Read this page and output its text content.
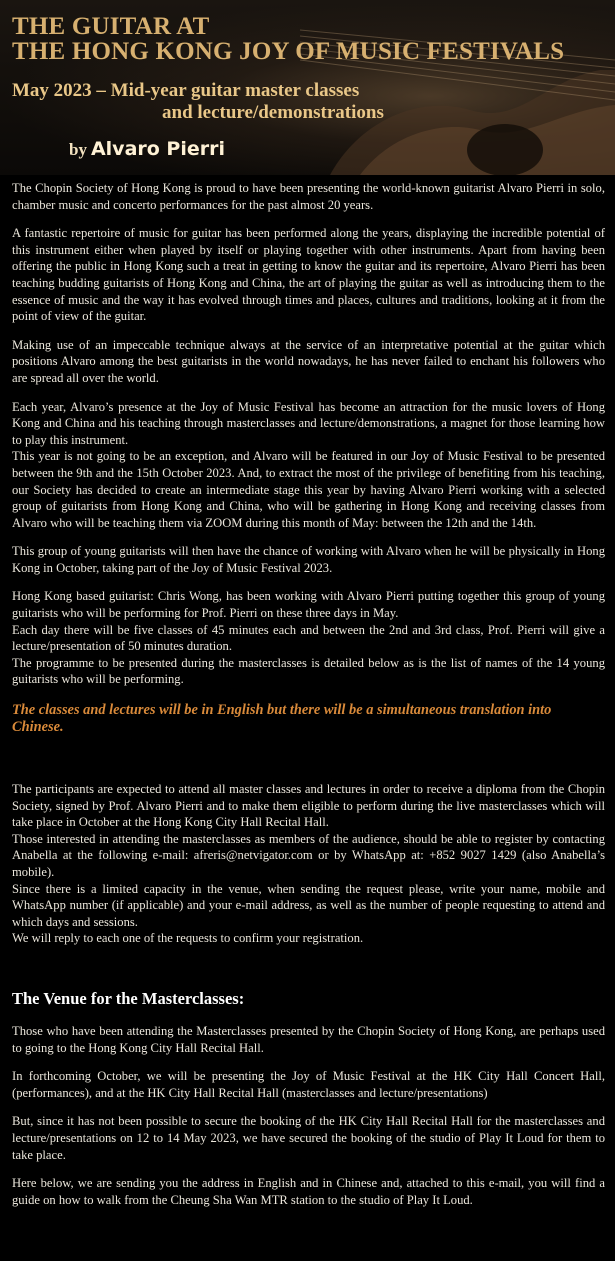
THE GUITAR AT
THE HONG KONG JOY OF MUSIC FESTIVALS
May 2023 – Mid-year guitar master classes
and lecture/demonstrations
by Alvaro Pierri

The Chopin Society of Hong Kong is proud to have been presenting the world-known guitarist Alvaro Pierri in solo, chamber music and concerto performances for the past almost 20 years.

A fantastic repertoire of music for guitar has been performed along the years, displaying the incredible potential of this instrument either when played by itself or playing together with other instruments. Apart from having been offering the public in Hong Kong such a treat in getting to know the guitar and its repertoire, Alvaro Pierri has been teaching budding guitarists of Hong Kong and China, the art of playing the guitar as well as introducing them to the essence of music and the way it has evolved through times and places, cultures and traditions, looking at it from the point of view of the guitar.

Making use of an impeccable technique always at the service of an interpretative potential at the guitar which positions Alvaro among the best guitarists in the world nowadays, he has never failed to enchant his followers who are spread all over the world.

Each year, Alvaro’s presence at the Joy of Music Festival has become an attraction for the music lovers of Hong Kong and China and his teaching through masterclasses and lecture/demonstrations, a magnet for those learning how to play this instrument.

This year is not going to be an exception, and Alvaro will be featured in our Joy of Music Festival to be presented between the 9th and the 15th October 2023. And, to extract the most of the privilege of benefiting from his teaching, our Society has decided to create an intermediate stage this year by having Alvaro Pierri working with a selected group of guitarists from Hong Kong and China, who will be gathering in Hong Kong and receiving classes from Alvaro who will be teaching them via ZOOM during this month of May: between the 12th and the 14th.

This group of young guitarists will then have the chance of working with Alvaro when he will be physically in Hong Kong in October, taking part of the Joy of Music Festival 2023.

Hong Kong based guitarist: Chris Wong, has been working with Alvaro Pierri putting together this group of young guitarists who will be performing for Prof. Pierri on these three days in May.

Each day there will be five classes of 45 minutes each and between the 2nd and 3rd class, Prof. Pierri will give a lecture/presentation of 50 minutes duration.

The programme to be presented during the masterclasses is detailed below as is the list of names of the 14 young guitarists who will be performing.

The classes and lectures will be in English but there will be a simultaneous translation into Chinese.

The participants are expected to attend all master classes and lectures in order to receive a diploma from the Chopin Society, signed by Prof. Alvaro Pierri and to make them eligible to perform during the live masterclasses which will take place in October at the Hong Kong City Hall Recital Hall.

Those interested in attending the masterclasses as members of the audience, should be able to register by contacting Anabella at the following e-mail: afreris@netvigator.com or by WhatsApp at: +852 9027 1429 (also Anabella’s mobile).

Since there is a limited capacity in the venue, when sending the request please, write your name, mobile and WhatsApp number (if applicable) and your e-mail address, as well as the number of people requesting to attend and which days and sessions.

We will reply to each one of the requests to confirm your registration.

The Venue for the Masterclasses:

Those who have been attending the Masterclasses presented by the Chopin Society of Hong Kong, are perhaps used to going to the Hong Kong City Hall Recital Hall.

In forthcoming October, we will be presenting the Joy of Music Festival at the HK City Hall Concert Hall, (performances), and at the HK City Hall Recital Hall (masterclasses and lecture/presentations)

But, since it has not been possible to secure the booking of the HK City Hall Recital Hall for the masterclasses and lecture/presentations on 12 to 14 May 2023, we have secured the booking of the studio of Play It Loud for them to take place.

Here below, we are sending you the address in English and in Chinese and, attached to this e-mail, you will find a guide on how to walk from the Cheung Sha Wan MTR station to the studio of Play It Loud.
